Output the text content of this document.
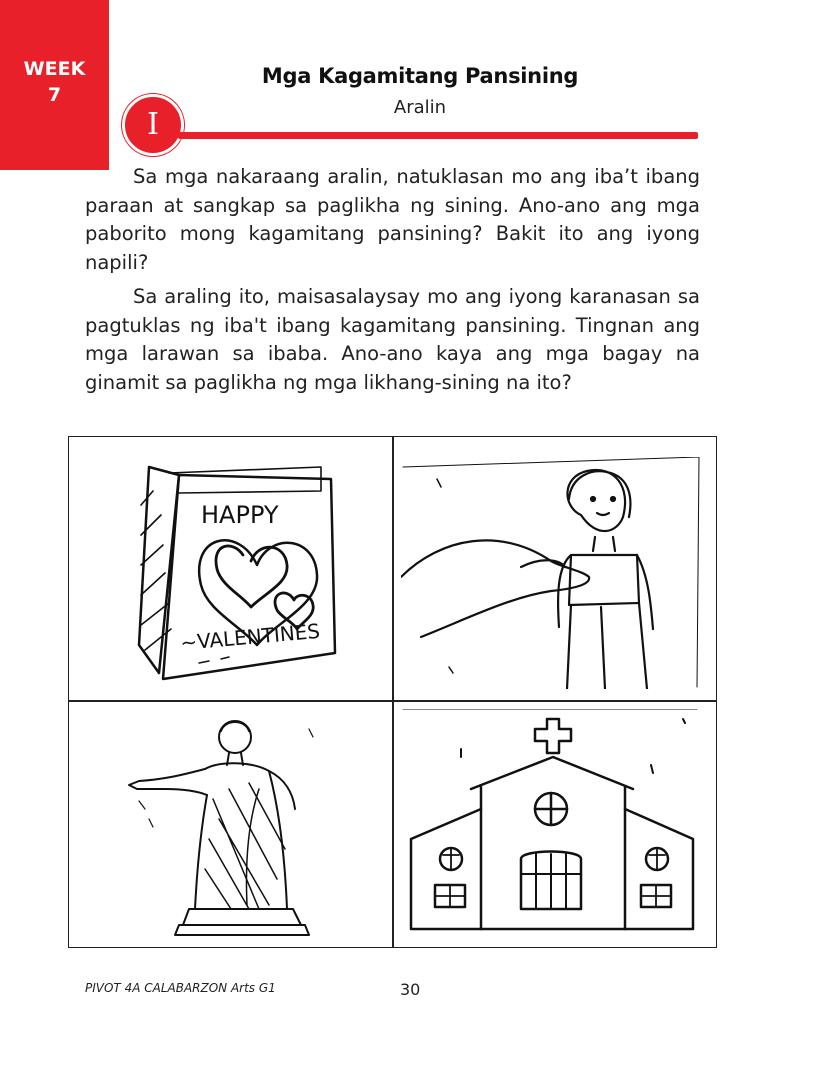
WEEK
7
Mga Kagamitang Pansining
Aralin
I
Sa mga nakaraang aralin, natuklasan mo ang iba’t ibang paraan at sangkap sa paglikha ng sining. Ano-ano ang mga paborito mong kagamitang pansining? Bakit ito ang iyong napili?
Sa araling ito, maisasalaysay mo ang iyong karanasan sa pagtuklas ng iba't ibang kagamitang pansining. Tingnan ang mga larawan sa ibaba. Ano-ano kaya ang mga bagay na ginamit sa paglikha ng mga likhang-sining na ito?
HAPPY
~VALENTINES
PIVOT 4A CALABARZON Arts G1	30
